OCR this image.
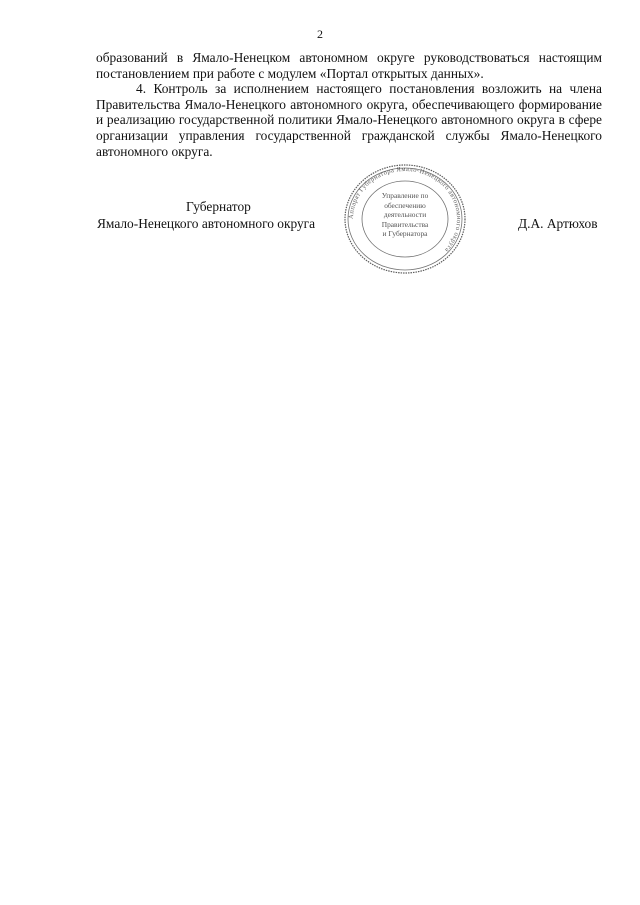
2

образований в Ямало-Ненецком автономном округе руководствоваться настоящим постановлением при работе с модулем «Портал открытых данных».

4. Контроль за исполнением настоящего постановления возложить на члена Правительства Ямало-Ненецкого автономного округа, обеспечивающего формирование и реализацию государственной политики Ямало-Ненецкого автономного округа в сфере организации управления государственной гражданской службы Ямало-Ненецкого автономного округа.

Губернатор
Ямало-Ненецкого автономного округа	Д.А. Артюхов
Аппарат Губернатора Ямало-Ненецкого автономного округа
Управление по
обеспечению
деятельности
Правительства
и Губернатора
